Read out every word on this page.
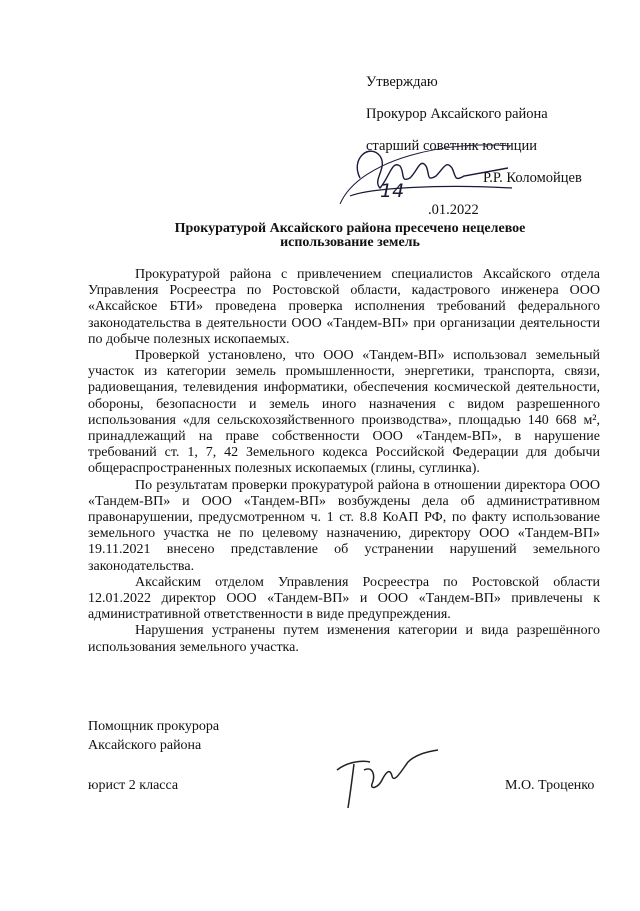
Утверждаю
Прокурор Аксайского района
старший советник юстиции
Р.Р. Коломойцев
.01.2022
14
Прокуратурой Аксайского района пресечено нецелевое использование земель

Прокуратурой района с привлечением специалистов Аксайского отдела Управления Росреестра по Ростовской области, кадастрового инженера ООО «Аксайское БТИ» проведена проверка исполнения требований федерального законодательства в деятельности ООО «Тандем-ВП» при организации деятельности по добыче полезных ископаемых.

Проверкой установлено, что ООО «Тандем-ВП» использовал земельный участок из категории земель промышленности, энергетики, транспорта, связи, радиовещания, телевидения информатики, обеспечения космической деятельности, обороны, безопасности и земель иного назначения с видом разрешенного использования «для сельскохозяйственного производства», площадью 140 668 м², принадлежащий на праве собственности ООО «Тандем-ВП», в нарушение требований ст. 1, 7, 42 Земельного кодекса Российской Федерации для добычи общераспространенных полезных ископаемых (глины, суглинка).

По результатам проверки прокуратурой района в отношении директора ООО «Тандем-ВП» и ООО «Тандем-ВП» возбуждены дела об административном правонарушении, предусмотренном ч. 1 ст. 8.8 КоАП РФ, по факту использование земельного участка не по целевому назначению, директору ООО «Тандем-ВП» 19.11.2021 внесено представление об устранении нарушений земельного законодательства.

Аксайским отделом Управления Росреестра по Ростовской области 12.01.2022 директор ООО «Тандем-ВП» и ООО «Тандем-ВП» привлечены к административной ответственности в виде предупреждения.

Нарушения устранены путем изменения категории и вида разрешённого использования земельного участка.

Помощник прокурора
Аксайского района
юрист 2 класса	М.О. Троценко
